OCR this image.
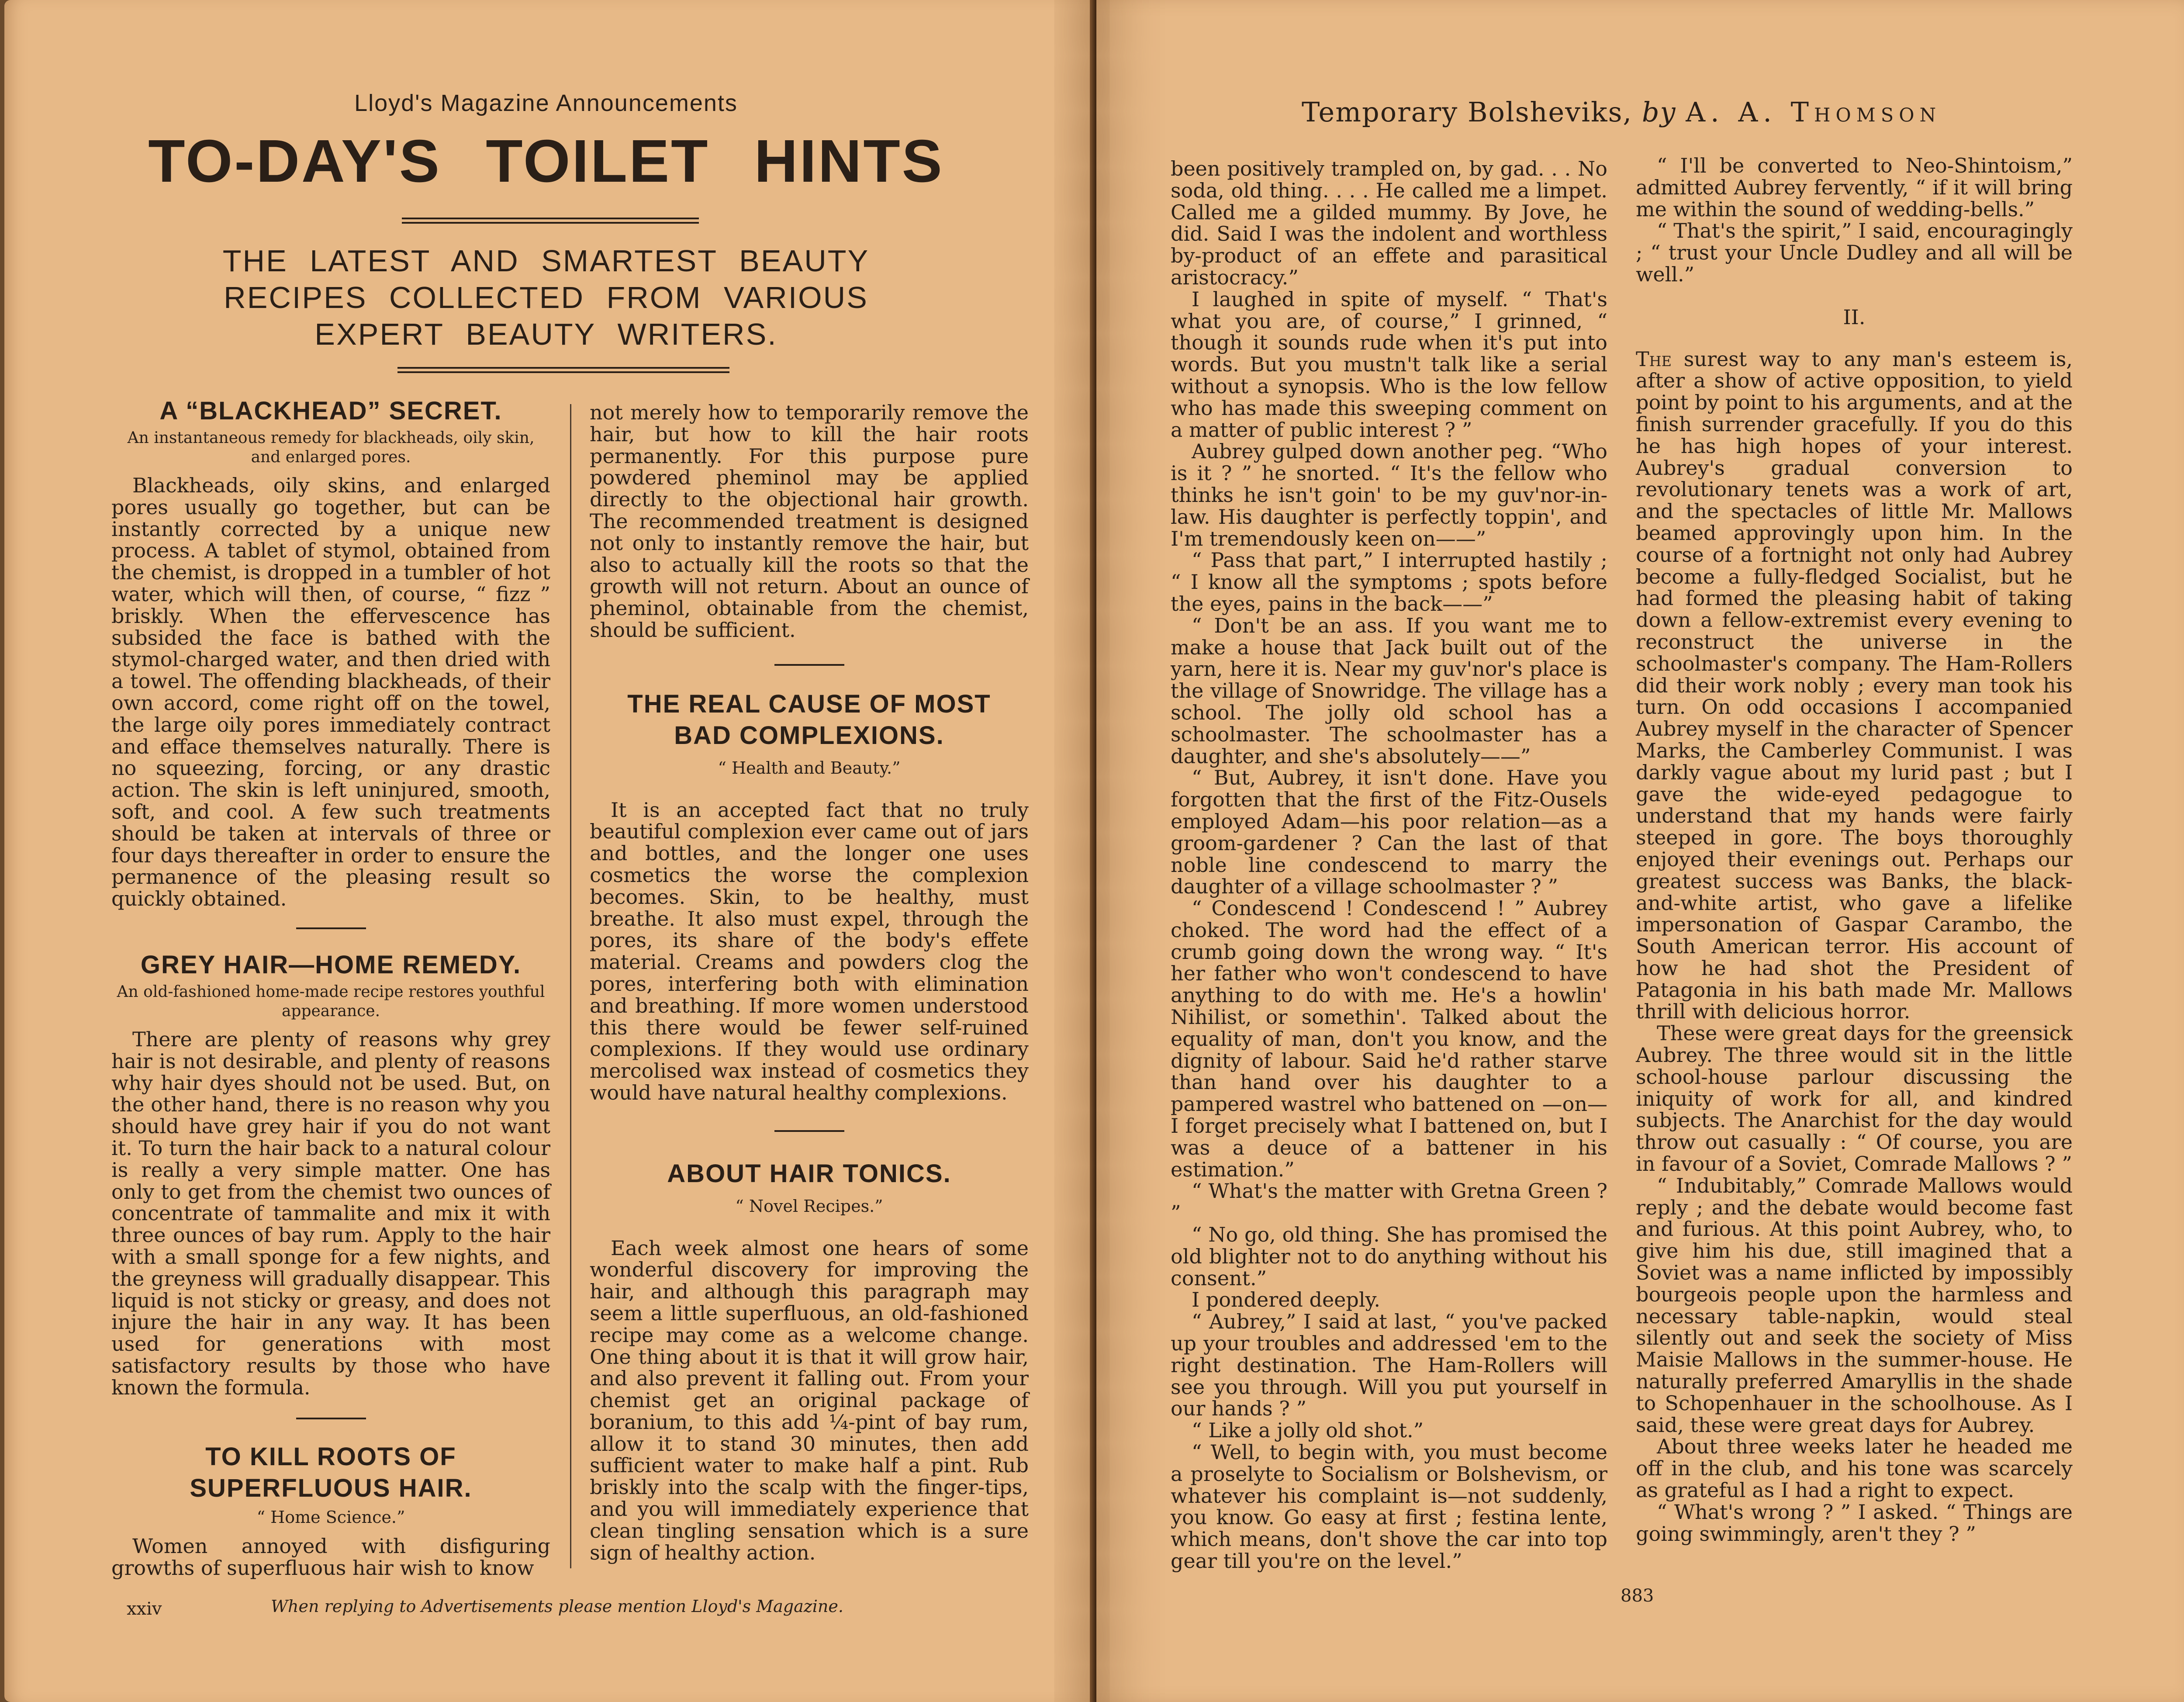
Lloyd's Magazine Announcements
TO-DAY'S TOILET HINTS
THE LATEST AND SMARTEST BEAUTY
RECIPES COLLECTED FROM VARIOUS
EXPERT BEAUTY WRITERS.
A “BLACKHEAD” SECRET.
An instantaneous remedy for blackheads, oily skin, and enlarged pores.

Blackheads, oily skins, and enlarged pores usually go together, but can be instantly corrected by a unique new process. A tablet of stymol, obtained from the chemist, is dropped in a tumbler of hot water, which will then, of course, “ fizz ” briskly. When the effervescence has subsided the face is bathed with the stymol-charged water, and then dried with a towel. The offending blackheads, of their own accord, come right off on the towel, the large oily pores immediately contract and efface themselves naturally. There is no squeezing, forcing, or any drastic action. The skin is left uninjured, smooth, soft, and cool. A few such treatments should be taken at intervals of three or four days thereafter in order to ensure the permanence of the pleasing result so quickly obtained.

GREY HAIR—HOME REMEDY.
An old-fashioned home-made recipe restores youthful appearance.

There are plenty of reasons why grey hair is not desirable, and plenty of reasons why hair dyes should not be used. But, on the other hand, there is no reason why you should have grey hair if you do not want it. To turn the hair back to a natural colour is really a very simple matter. One has only to get from the chemist two ounces of concentrate of tammalite and mix it with three ounces of bay rum. Apply to the hair with a small sponge for a few nights, and the greyness will gradually disappear. This liquid is not sticky or greasy, and does not injure the hair in any way. It has been used for generations with most satisfactory results by those who have known the formula.

TO KILL ROOTS OF
SUPERFLUOUS HAIR.
“ Home Science.”

Women annoyed with disfiguring growths of superfluous hair wish to know

not merely how to temporarily remove the hair, but how to kill the hair roots permanently. For this purpose pure powdered pheminol may be applied directly to the objectional hair growth. The recommended treatment is designed not only to instantly remove the hair, but also to actually kill the roots so that the growth will not return. About an ounce of pheminol, obtainable from the chemist, should be sufficient.

THE REAL CAUSE OF MOST
BAD COMPLEXIONS.
“ Health and Beauty.”

It is an accepted fact that no truly beautiful complexion ever came out of jars and bottles, and the longer one uses cosmetics the worse the complexion becomes. Skin, to be healthy, must breathe. It also must expel, through the pores, its share of the body's effete material. Creams and powders clog the pores, interfering both with elimination and breathing. If more women understood this there would be fewer self-ruined complexions. If they would use ordinary mercolised wax instead of cosmetics they would have natural healthy complexions.

ABOUT HAIR TONICS.
“ Novel Recipes.”

Each week almost one hears of some wonderful discovery for improving the hair, and although this paragraph may seem a little superfluous, an old-fashioned recipe may come as a welcome change. One thing about it is that it will grow hair, and also prevent it falling out. From your chemist get an original package of boranium, to this add ¼-pint of bay rum, allow it to stand 30 minutes, then add sufficient water to make half a pint. Rub briskly into the scalp with the finger-tips, and you will immediately experience that clean tingling sensation which is a sure sign of healthy action.

xxiv	When replying to Advertisements please mention Lloyd's Magazine.
Temporary Bolsheviks, by A. A. Thomson

been positively trampled on, by gad. . . No soda, old thing. . . . He called me a limpet. Called me a gilded mummy. By Jove, he did. Said I was the indolent and worthless by-product of an effete and parasitical aristocracy.”

I laughed in spite of myself. “ That's what you are, of course,” I grinned, “ though it sounds rude when it's put into words. But you mustn't talk like a serial without a synopsis. Who is the low fellow who has made this sweeping comment on a matter of public interest ? ”

Aubrey gulped down another peg. “Who is it ? ” he snorted. “ It's the fellow who thinks he isn't goin' to be my guv'nor-in-law. His daughter is perfectly toppin', and I'm tremendously keen on——”

“ Pass that part,” I interrupted hastily ; “ I know all the symptoms ; spots before the eyes, pains in the back——”

“ Don't be an ass. If you want me to make a house that Jack built out of the yarn, here it is. Near my guv'nor's place is the village of Snowridge. The village has a school. The jolly old school has a schoolmaster. The schoolmaster has a daughter, and she's absolutely——”

“ But, Aubrey, it isn't done. Have you forgotten that the first of the Fitz-Ousels employed Adam—his poor relation—as a groom-gardener ? Can the last of that noble line condescend to marry the daughter of a village schoolmaster ? ”

“ Condescend ! Condescend ! ” Aubrey choked. The word had the effect of a crumb going down the wrong way. “ It's her father who won't condescend to have anything to do with me. He's a howlin' Nihilist, or somethin'. Talked about the equality of man, don't you know, and the dignity of labour. Said he'd rather starve than hand over his daughter to a pampered wastrel who battened on —on—I forget precisely what I battened on, but I was a deuce of a battener in his estimation.”

“ What's the matter with Gretna Green ? ”

“ No go, old thing. She has promised the old blighter not to do anything without his consent.”

I pondered deeply.

“ Aubrey,” I said at last, “ you've packed up your troubles and addressed 'em to the right destination. The Ham-Rollers will see you through. Will you put yourself in our hands ? ”

“ Like a jolly old shot.”

“ Well, to begin with, you must become a proselyte to Socialism or Bolshevism, or whatever his complaint is—not suddenly, you know. Go easy at first ; festina lente, which means, don't shove the car into top gear till you're on the level.”

“ I'll be converted to Neo-Shintoism,” admitted Aubrey fervently, “ if it will bring me within the sound of wedding-bells.”

“ That's the spirit,” I said, encouragingly ; “ trust your Uncle Dudley and all will be well.”

II.

The surest way to any man's esteem is, after a show of active opposition, to yield point by point to his arguments, and at the finish surrender gracefully. If you do this he has high hopes of your interest. Aubrey's gradual conversion to revolutionary tenets was a work of art, and the spectacles of little Mr. Mallows beamed approvingly upon him. In the course of a fortnight not only had Aubrey become a fully-fledged Socialist, but he had formed the pleasing habit of taking down a fellow-extremist every evening to reconstruct the universe in the schoolmaster's company. The Ham-Rollers did their work nobly ; every man took his turn. On odd occasions I accompanied Aubrey myself in the character of Spencer Marks, the Camberley Communist. I was darkly vague about my lurid past ; but I gave the wide-eyed pedagogue to understand that my hands were fairly steeped in gore. The boys thoroughly enjoyed their evenings out. Perhaps our greatest success was Banks, the black-and-white artist, who gave a lifelike impersonation of Gaspar Carambo, the South American terror. His account of how he had shot the President of Patagonia in his bath made Mr. Mallows thrill with delicious horror.

These were great days for the greensick Aubrey. The three would sit in the little school-house parlour discussing the iniquity of work for all, and kindred subjects. The Anarchist for the day would throw out casually : “ Of course, you are in favour of a Soviet, Comrade Mallows ? ”

“ Indubitably,” Comrade Mallows would reply ; and the debate would become fast and furious. At this point Aubrey, who, to give him his due, still imagined that a Soviet was a name inflicted by impossibly bourgeois people upon the harmless and necessary table-napkin, would steal silently out and seek the society of Miss Maisie Mallows in the summer-house. He naturally preferred Amaryllis in the shade to Schopenhauer in the schoolhouse. As I said, these were great days for Aubrey.

About three weeks later he headed me off in the club, and his tone was scarcely as grateful as I had a right to expect.

“ What's wrong ? ” I asked. “ Things are going swimmingly, aren't they ? ”

883
